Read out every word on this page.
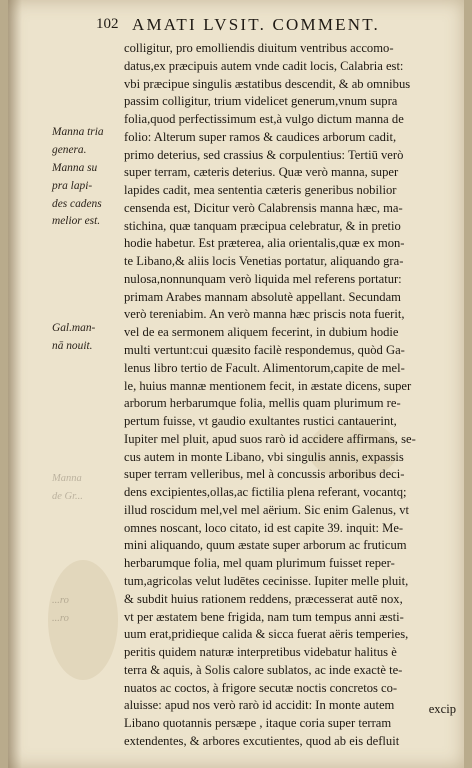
102 AMATI LVSIT. COMMENT.
Manna tria
genera.
Manna su
pra lapi-
des cadens
melior est.
Gal.man-
nā nouit.
Manna
de Gr...
...ro
...ro
colligitur, pro emolliendis diuitum ventribus accomo-
datus,ex præcipuis autem vnde cadit locis, Calabria est:
vbi præcipue singulis æstatibus descendit, & ab omnibus
passim colligitur, trium videlicet generum,vnum supra
folia,quod perfectissimum est,à vulgo dictum manna de
folio: Alterum super ramos & caudices arborum cadit,
primo deterius, sed crassius & corpulentius: Tertiū verò
super terram, cæteris deterius. Quæ verò manna, super
lapides cadit, mea sententia cæteris generibus nobilior
censenda est, Dicitur verò Calabrensis manna hæc, ma-
stichina, quæ tanquam præcipua celebratur, & in pretio
hodie habetur. Est præterea, alia orientalis,quæ ex mon-
te Libano,& aliis locis Venetias portatur, aliquando gra-
nulosa,nonnunquam verò liquida mel referens portatur:
primam Arabes mannam absolutè appellant. Secundam
verò tereniabim. An verò manna hæc priscis nota fuerit,
vel de ea sermonem aliquem fecerint, in dubium hodie
multi vertunt:cui quæsito facilè respondemus, quòd Ga-
lenus libro tertio de Facult. Alimentorum,capite de mel-
le, huius mannæ mentionem fecit, in æstate dicens, super
arborum herbarumque folia, mellis quam plurimum re-
pertum fuisse, vt gaudio exultantes rustici cantauerint,
Iupiter mel pluit, apud suos rarò id accidere affirmans, se-
cus autem in monte Libano, vbi singulis annis, expassis
super terram velleribus, mel à concussis arboribus deci-
dens excipientes,ollas,ac fictilia plena referant, vocantq;
illud roscidum mel,vel mel aërium. Sic enim Galenus, vt
omnes noscant, loco citato, id est capite 39. inquit: Me-
mini aliquando, quum æstate super arborum ac fruticum
herbarumque folia, mel quam plurimum fuisset reper-
tum,agricolas velut ludētes cecinisse. Iupiter melle pluit,
& subdit huius rationem reddens, præcesserat autē nox,
vt per æstatem bene frigida, nam tum tempus anni æsti-
uum erat,pridieque calida & sicca fuerat aëris temperies,
peritis quidem naturæ interpretibus videbatur halitus è
terra & aquis, à Solis calore sublatos, ac inde exactè te-
nuatos ac coctos, à frigore secutæ noctis concretos co-
aluisse: apud nos verò rarò id accidit: In monte autem
Libano quotannis persæpe , itaque coria super terram
extendentes, & arbores excutientes, quod ab eis defluit
excip
